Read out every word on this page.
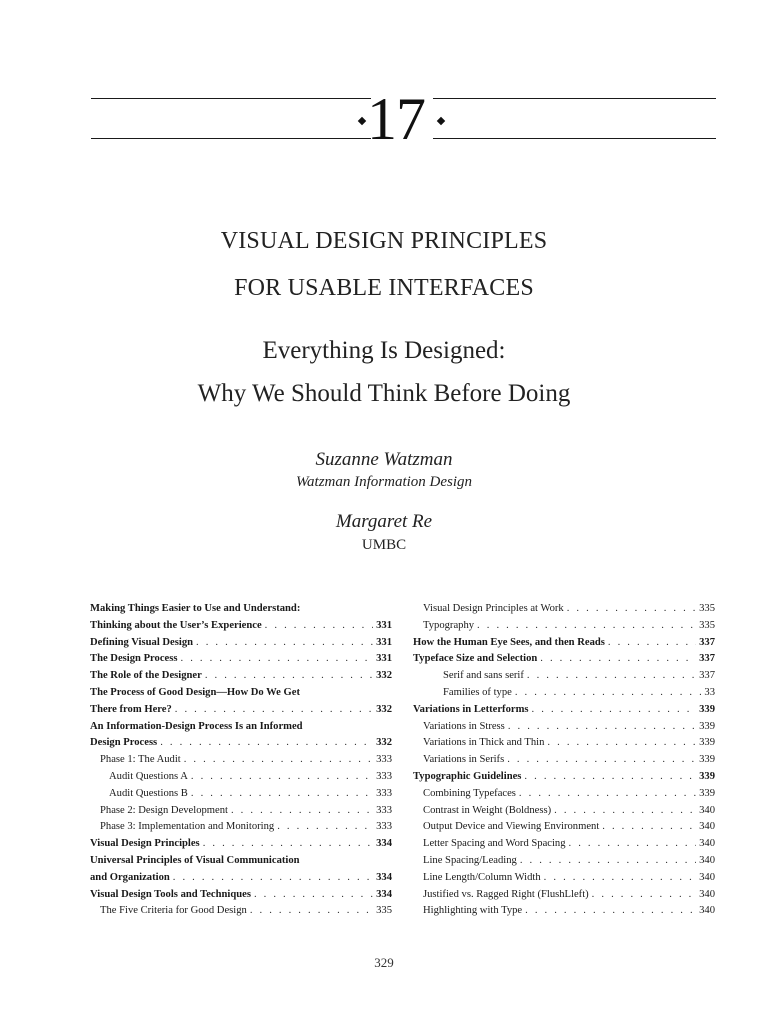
17
VISUAL DESIGN PRINCIPLES
FOR USABLE INTERFACES
Everything Is Designed:
Why We Should Think Before Doing
Suzanne Watzman
Watzman Information Design
Margaret Re
UMBC
Making Things Easier to Use and Understand:
Thinking about the User’s Experience . . .	331
Defining Visual Design . . .	331
The Design Process . . .	331
The Role of the Designer . . .	332
The Process of Good Design—How Do We Get
There from Here? . . .	332
An Information-Design Process Is an Informed
Design Process . . .	332
Phase 1: The Audit . . .	333
Audit Questions A . . .	333
Audit Questions B . . .	333
Phase 2: Design Development . . .	333
Phase 3: Implementation and Monitoring . . .	333
Visual Design Principles . . .	334
Universal Principles of Visual Communication
and Organization . . .	334
Visual Design Tools and Techniques . . .	334
The Five Criteria for Good Design . . .	335
Visual Design Principles at Work . . .	335
Typography . . .	335
How the Human Eye Sees, and then Reads . . .	337
Typeface Size and Selection . . .	337
Serif and sans serif . . .	337
Families of type . . .	33
Variations in Letterforms . . .	339
Variations in Stress . . .	339
Variations in Thick and Thin . . .	339
Variations in Serifs . . .	339
Typographic Guidelines . . .	339
Combining Typefaces . . .	339
Contrast in Weight (Boldness) . . .	340
Output Device and Viewing Environment . . .	340
Letter Spacing and Word Spacing . . .	340
Line Spacing/Leading . . .	340
Line Length/Column Width . . .	340
Justified vs. Ragged Right (FlushLleft) . . .	340
Highlighting with Type . . .	340
329
